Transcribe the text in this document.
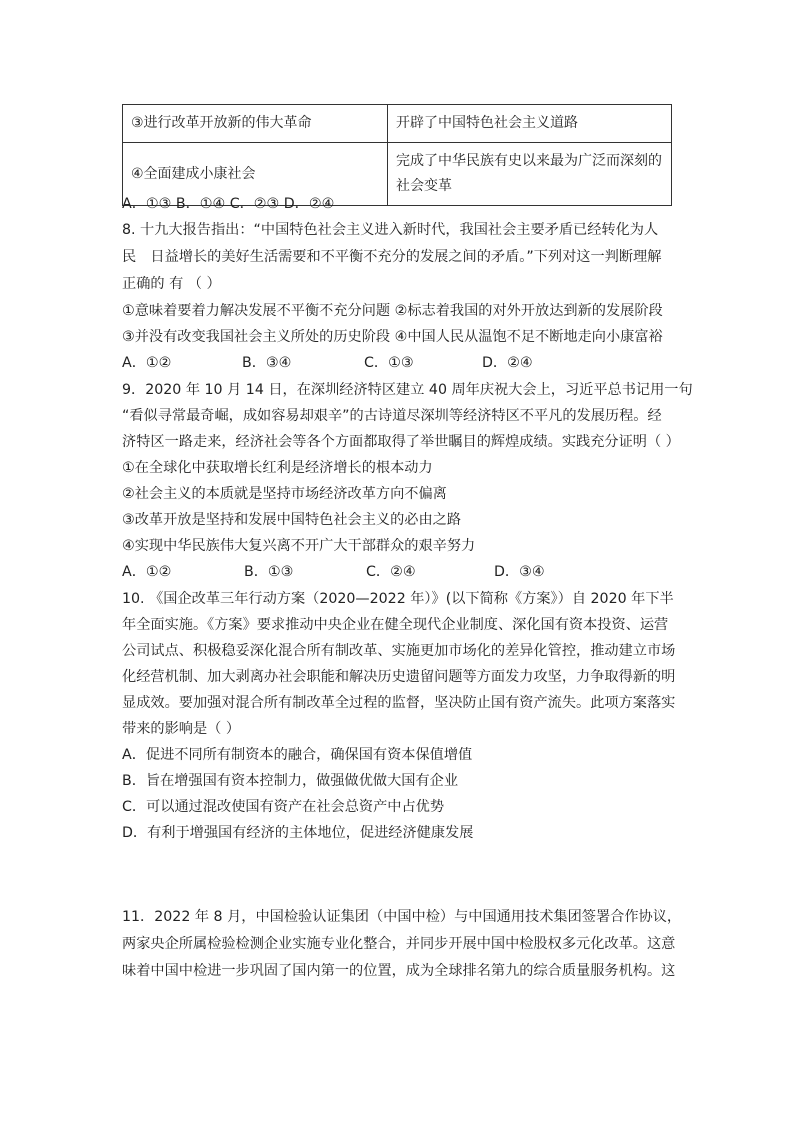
③进行改革开放新的伟大革命	开辟了中国特色社会主义道路
④全面建成小康社会	完成了中华民族有史以来最为广泛而深刻的
社会变革
A．①③ B．①④ C．②③ D．②④
8. 十九大报告指出：“中国特色社会主义进入新时代，我国社会主要矛盾已经转化为人
民　日益增长的美好生活需要和不平衡不充分的发展之间的矛盾。”下列对这一判断理解
正确的 有 （ ）
①意味着要着力解决发展不平衡不充分问题 ②标志着我国的对外开放达到新的发展阶段
③并没有改变我国社会主义所处的历史阶段 ④中国人民从温饱不足不断地走向小康富裕
A．①②	B．③④	C．①③	D．②④
9．2020 年 10 月 14 日，在深圳经济特区建立 40 周年庆祝大会上，习近平总书记用一句
“看似寻常最奇崛，成如容易却艰辛”的古诗道尽深圳等经济特区不平凡的发展历程。经
济特区一路走来，经济社会等各个方面都取得了举世瞩目的辉煌成绩。实践充分证明（ ）
①在全球化中获取增长红利是经济增长的根本动力
②社会主义的本质就是坚持市场经济改革方向不偏离
③改革开放是坚持和发展中国特色社会主义的必由之路
④实现中华民族伟大复兴离不开广大干部群众的艰辛努力
A．①②	B．①③	C．②④	D．③④
10. 《国企改革三年行动方案（2020—2022 年）》(以下简称《方案》）自 2020 年下半
年全面实施。《方案》要求推动中央企业在健全现代企业制度、深化国有资本投资、运营
公司试点、积极稳妥深化混合所有制改革、实施更加市场化的差异化管控，推动建立市场
化经营机制、加大剥离办社会职能和解决历史遗留问题等方面发力攻坚，力争取得新的明
显成效。要加强对混合所有制改革全过程的监督，坚决防止国有资产流失。此项方案落实
带来的影响是（ ）
A．促进不同所有制资本的融合，确保国有资本保值增值
B．旨在增强国有资本控制力，做强做优做大国有企业
C．可以通过混改使国有资产在社会总资产中占优势
D．有利于增强国有经济的主体地位，促进经济健康发展
11．2022 年 8 月，中国检验认证集团（中国中检）与中国通用技术集团签署合作协议，
两家央企所属检验检测企业实施专业化整合，并同步开展中国中检股权多元化改革。这意
味着中国中检进一步巩固了国内第一的位置，成为全球排名第九的综合质量服务机构。这
